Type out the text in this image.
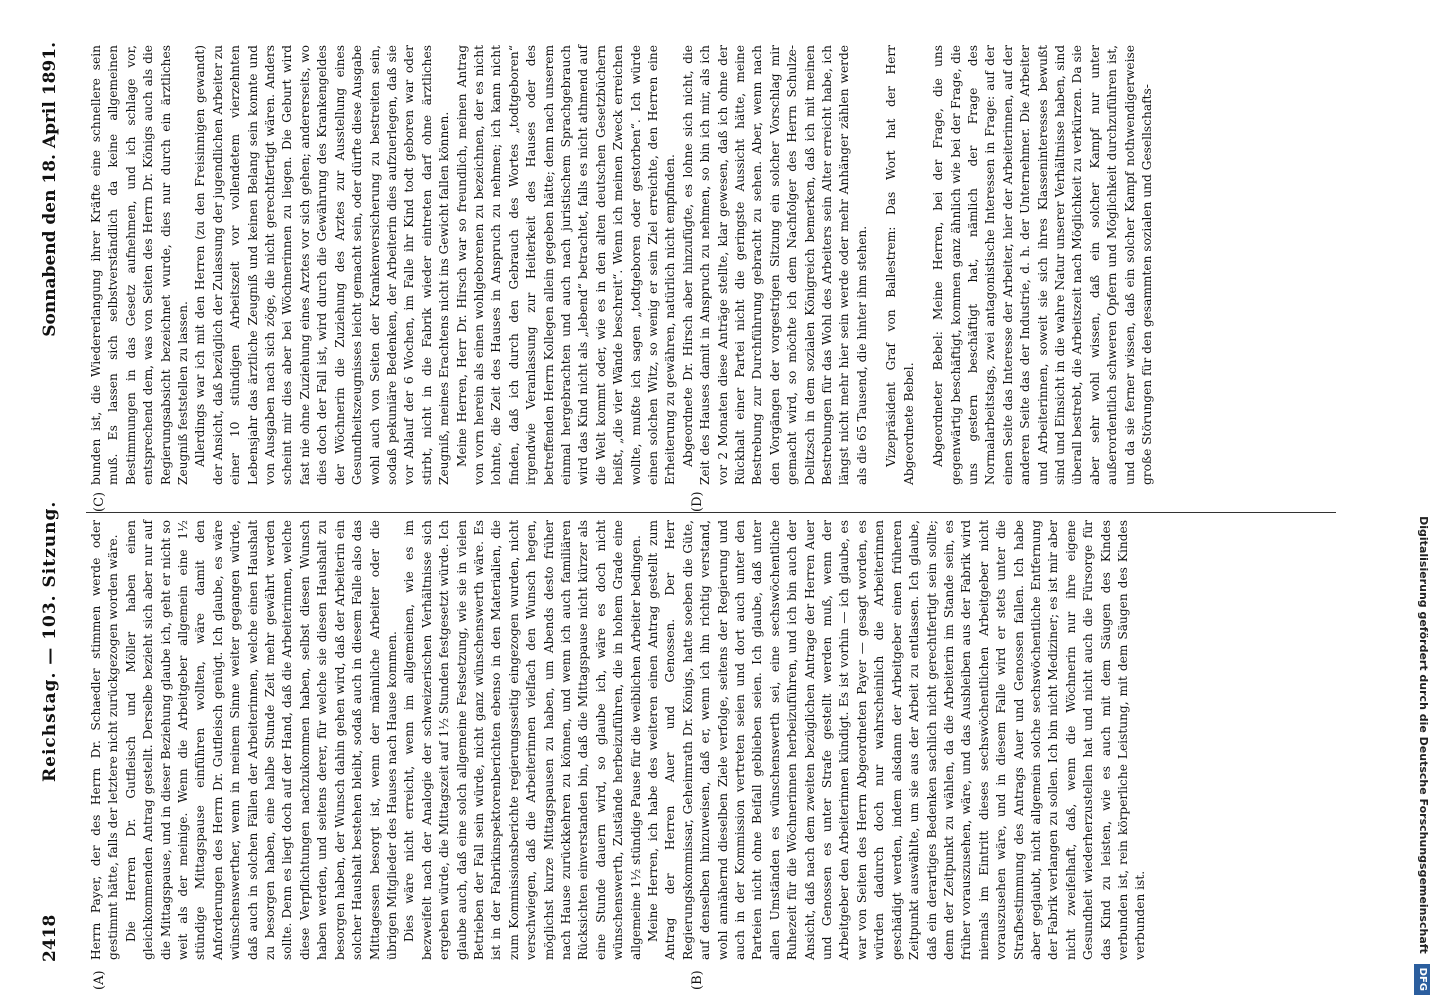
2418
Reichstag. — 103. Sitzung.
Sonnabend den 18. April 1891.
(A)	(B)
(C)	(D)

Herrn Payer, der des Herrn Dr. Schaedler stimmen werde oder gestimmt hätte, falls der letztere nicht zurückgezogen worden wäre. Die Herren Dr. Gutfleisch und Möller haben einen gleichkommenden Antrag gestellt. Derselbe bezieht sich aber nur auf die Mittagspause, und in dieser Beziehung glaube ich, geht er nicht so weit als der meinige. Wenn die Arbeitgeber allgemein eine 1½ stündige Mittagspause einführen wollten, wäre damit den Anforderungen des Herrn Dr. Gutfleisch genügt. Ich glaube, es wäre wünschenswerther, wenn in meinem Sinne weiter gegangen würde, daß auch in solchen Fällen der Arbeiterinnen, welche einen Haushalt zu besorgen haben, eine halbe Stunde Zeit mehr gewährt werden sollte. Denn es liegt doch auf der Hand, daß die Arbeiterinnen, welche diese Verpflichtungen nachzukommen haben, selbst diesen Wunsch haben werden, und seitens derer, für welche sie diesen Haushalt zu besorgen haben, der Wunsch dahin gehen wird, daß der Arbeiterin ein solcher Haushalt bestehen bleibt, sodaß auch in diesem Falle also das Mittagessen besorgt ist, wenn der männliche Arbeiter oder die übrigen Mitglieder des Hauses nach Hause kommen. Dies wäre nicht erreicht, wenn im allgemeinen, wie es im bezweifelt nach der Analogie der schweizerischen Verhältnisse sich ergeben würde, die Mittagszeit auf 1½ Stunden festgesetzt würde. Ich glaube auch, daß eine solch allgemeine Festsetzung, wie sie in vielen Betrieben der Fall sein würde, nicht ganz wünschenswerth wäre. Es ist in der Fabrikinspektorenberichten ebenso in den Materialien, die zum Kommissionsberichte regierungsseitig eingezogen wurden, nicht verschwiegen, daß die Arbeiterinnen vielfach den Wunsch hegen, möglichst kurze Mittagspausen zu haben, um Abends desto früher nach Hause zurückkehren zu können, und wenn ich auch familiären Rücksichten einverstanden bin, daß die Mittagspause nicht kürzer als eine Stunde dauern wird, so glaube ich, wäre es doch nicht wünschenswerth, Zustände herbeizuführen, die in hohem Grade eine allgemeine 1½ stündige Pause für die weiblichen Arbeiter bedingen. Meine Herren, ich habe des weiteren einen Antrag gestellt zum Antrag der Herren Auer und Genossen. Der Herr Regierungskommissar, Geheimrath Dr. Königs, hatte soeben die Güte, auf denselben hinzuweisen, daß er, wenn ich ihn richtig verstand, wohl annähernd dieselben Ziele verfolge, seitens der Regierung und auch in der Kommission vertreten seien und dort auch unter den Parteien nicht ohne Beifall geblieben seien. Ich glaube, daß unter allen Umständen es wünschenswerth sei, eine sechswöchentliche Ruhezeit für die Wöchnerinnen herbeizuführen, und ich bin auch der Ansicht, daß nach dem zweiten bezüglichen Antrage der Herren Auer und Genossen es unter Strafe gestellt werden muß, wenn der Arbeitgeber den Arbeiterinnen kündigt. Es ist vorhin — ich glaube, es war von Seiten des Herrn Abgeordneten Payer — gesagt worden, es würden dadurch doch nur wahrscheinlich die Arbeiterinnen geschädigt werden, indem alsdann der Arbeitgeber einen früheren Zeitpunkt auswählte, um sie aus der Arbeit zu entlassen. Ich glaube, daß ein derartiges Bedenken sachlich nicht gerechtfertigt sein sollte; denn der Zeitpunkt zu wählen, da die Arbeiterin im Stande sein, es früher vorauszusehen, wäre, und das Ausbleiben aus der Fabrik wird niemals im Eintritt dieses sechswöchentlichen Arbeitgeber nicht vorauszusehen wäre, und in diesem Falle wird er stets unter die Strafbestimmung des Antrags Auer und Genossen fallen. Ich habe aber geglaubt, nicht allgemein solche sechswöchentliche Entfernung der Fabrik verlangen zu sollen. Ich bin nicht Mediziner; es ist mir aber nicht zweifelhaft, daß, wenn die Wöchnerin nur ihre eigene Gesundheit wiederherzustellen hat und nicht auch die Fürsorge für das Kind zu leisten, wie es auch mit dem Säugen des Kindes verbunden ist, rein körperliche Leistung, mit dem Säugen des Kindes verbunden ist.

bunden ist, die Wiedererlangung ihrer Kräfte eine schnellere sein muß. Es lassen sich selbstverständlich da keine allgemeinen Bestimmungen in das Gesetz aufnehmen, und ich schlage vor, entsprechend dem, was von Seiten des Herrn Dr. Königs auch als die Regierungsabsicht bezeichnet wurde, dies nur durch ein ärztliches Zeugniß feststellen zu lassen. Allerdings war ich mit den Herren (zu den Freisinnigen gewandt) der Ansicht, daß bezüglich der Zulassung der jugendlichen Arbeiter zu einer 10 stündigen Arbeitszeit vor vollendetem vierzehnten Lebensjahr das ärztliche Zeugniß und keinen Belang sein konnte und von Ausgaben nach sich zöge, die nicht gerechtfertigt wären. Anders scheint mir dies aber bei Wöchnerinnen zu liegen. Die Geburt wird fast nie ohne Zuziehung eines Arztes vor sich gehen; andererseits, wo dies doch der Fall ist, wird durch die Gewährung des Krankengeldes der Wöchnerin die Zuziehung des Arztes zur Ausstellung eines Gesundheitszeugnisses leicht gemacht sein, oder dürfte diese Ausgabe wohl auch von Seiten der Krankenversicherung zu bestreiten sein, sodaß pekuniäre Bedenken, der Arbeiterin dies aufzuerlegen, daß sie vor Ablauf der 6 Wochen, im Falle ihr Kind todt geboren war oder stirbt, nicht in die Fabrik wieder eintreten darf ohne ärztliches Zeugniß, meines Erachtens nicht ins Gewicht fallen können. Meine Herren, Herr Dr. Hirsch war so freundlich, meinen Antrag von vorn herein als einen wohlgeborenen zu bezeichnen, der es nicht lohnte, die Zeit des Hauses in Anspruch zu nehmen; ich kann nicht finden, daß ich durch den Gebrauch des Wortes „todtgeboren“ irgendwie Veranlassung zur Heiterkeit des Hauses oder des betreffenden Herrn Kollegen allein gegeben hätte; denn nach unserem einmal hergebrachten und auch nach juristischem Sprachgebrauch wird das Kind nicht als „lebend“ betrachtet, falls es nicht athmend auf die Welt kommt oder, wie es in den alten deutschen Gesetzbüchern heißt, „die vier Wände beschreit“. Wenn ich meinen Zweck erreichen wollte, mußte ich sagen „todtgeboren oder gestorben“. Ich würde einen solchen Witz, so wenig er sein Ziel erreichte, den Herren eine Erheiterung zu gewähren, natürlich nicht empfinden. Abgeordnete Dr. Hirsch aber hinzufügte, es lohne sich nicht, die Zeit des Hauses damit in Anspruch zu nehmen, so bin ich mir, als ich vor 2 Monaten diese Anträge stellte, klar gewesen, daß ich ohne der Rückhalt einer Partei nicht die geringste Aussicht hätte, meine Bestrebung zur Durchführung gebracht zu sehen. Aber, wenn nach den Vorgängen der vorgestrigen Sitzung ein solcher Vorschlag mir gemacht wird, so möchte ich dem Nachfolger des Herrn Schulze-Delitzsch in dem sozialen Königreich bemerken, daß ich mit meinen Bestrebungen für das Wohl des Arbeiters sein Alter erreicht habe, ich längst nicht mehr hier sein werde oder mehr Anhänger zählen werde als die 65 Tausend, die hinter ihm stehen. Vizepräsident Graf von Ballestrem: Das Wort hat der Herr Abgeordnete Bebel. Abgeordneter Bebel: Meine Herren, bei der Frage, die uns gegenwärtig beschäftigt, kommen ganz ähnlich wie bei der Frage, die uns gestern beschäftigt hat, nämlich der Frage des Normalarbeitstags, zwei antagonistische Interessen in Frage: auf der einen Seite das Interesse der Arbeiter, hier der Arbeiterinnen, auf der anderen Seite das der Industrie, d. h. der Unternehmer. Die Arbeiter und Arbeiterinnen, soweit sie sich ihres Klasseninteresses bewußt sind und Einsicht in die wahre Natur unserer Verhältnisse haben, sind überall bestrebt, die Arbeitszeit nach Möglichkeit zu verkürzen. Da sie aber sehr wohl wissen, daß ein solcher Kampf nur unter außerordentlich schweren Opfern und Möglichkeit durchzuführen ist, und da sie ferner wissen, daß ein solcher Kampf nothwendigerweise große Störungen für den gesammten sozialen und Gesellschafts-

Digitalisierung gefördert durch die Deutsche Forschungsgemeinschaft DFG
